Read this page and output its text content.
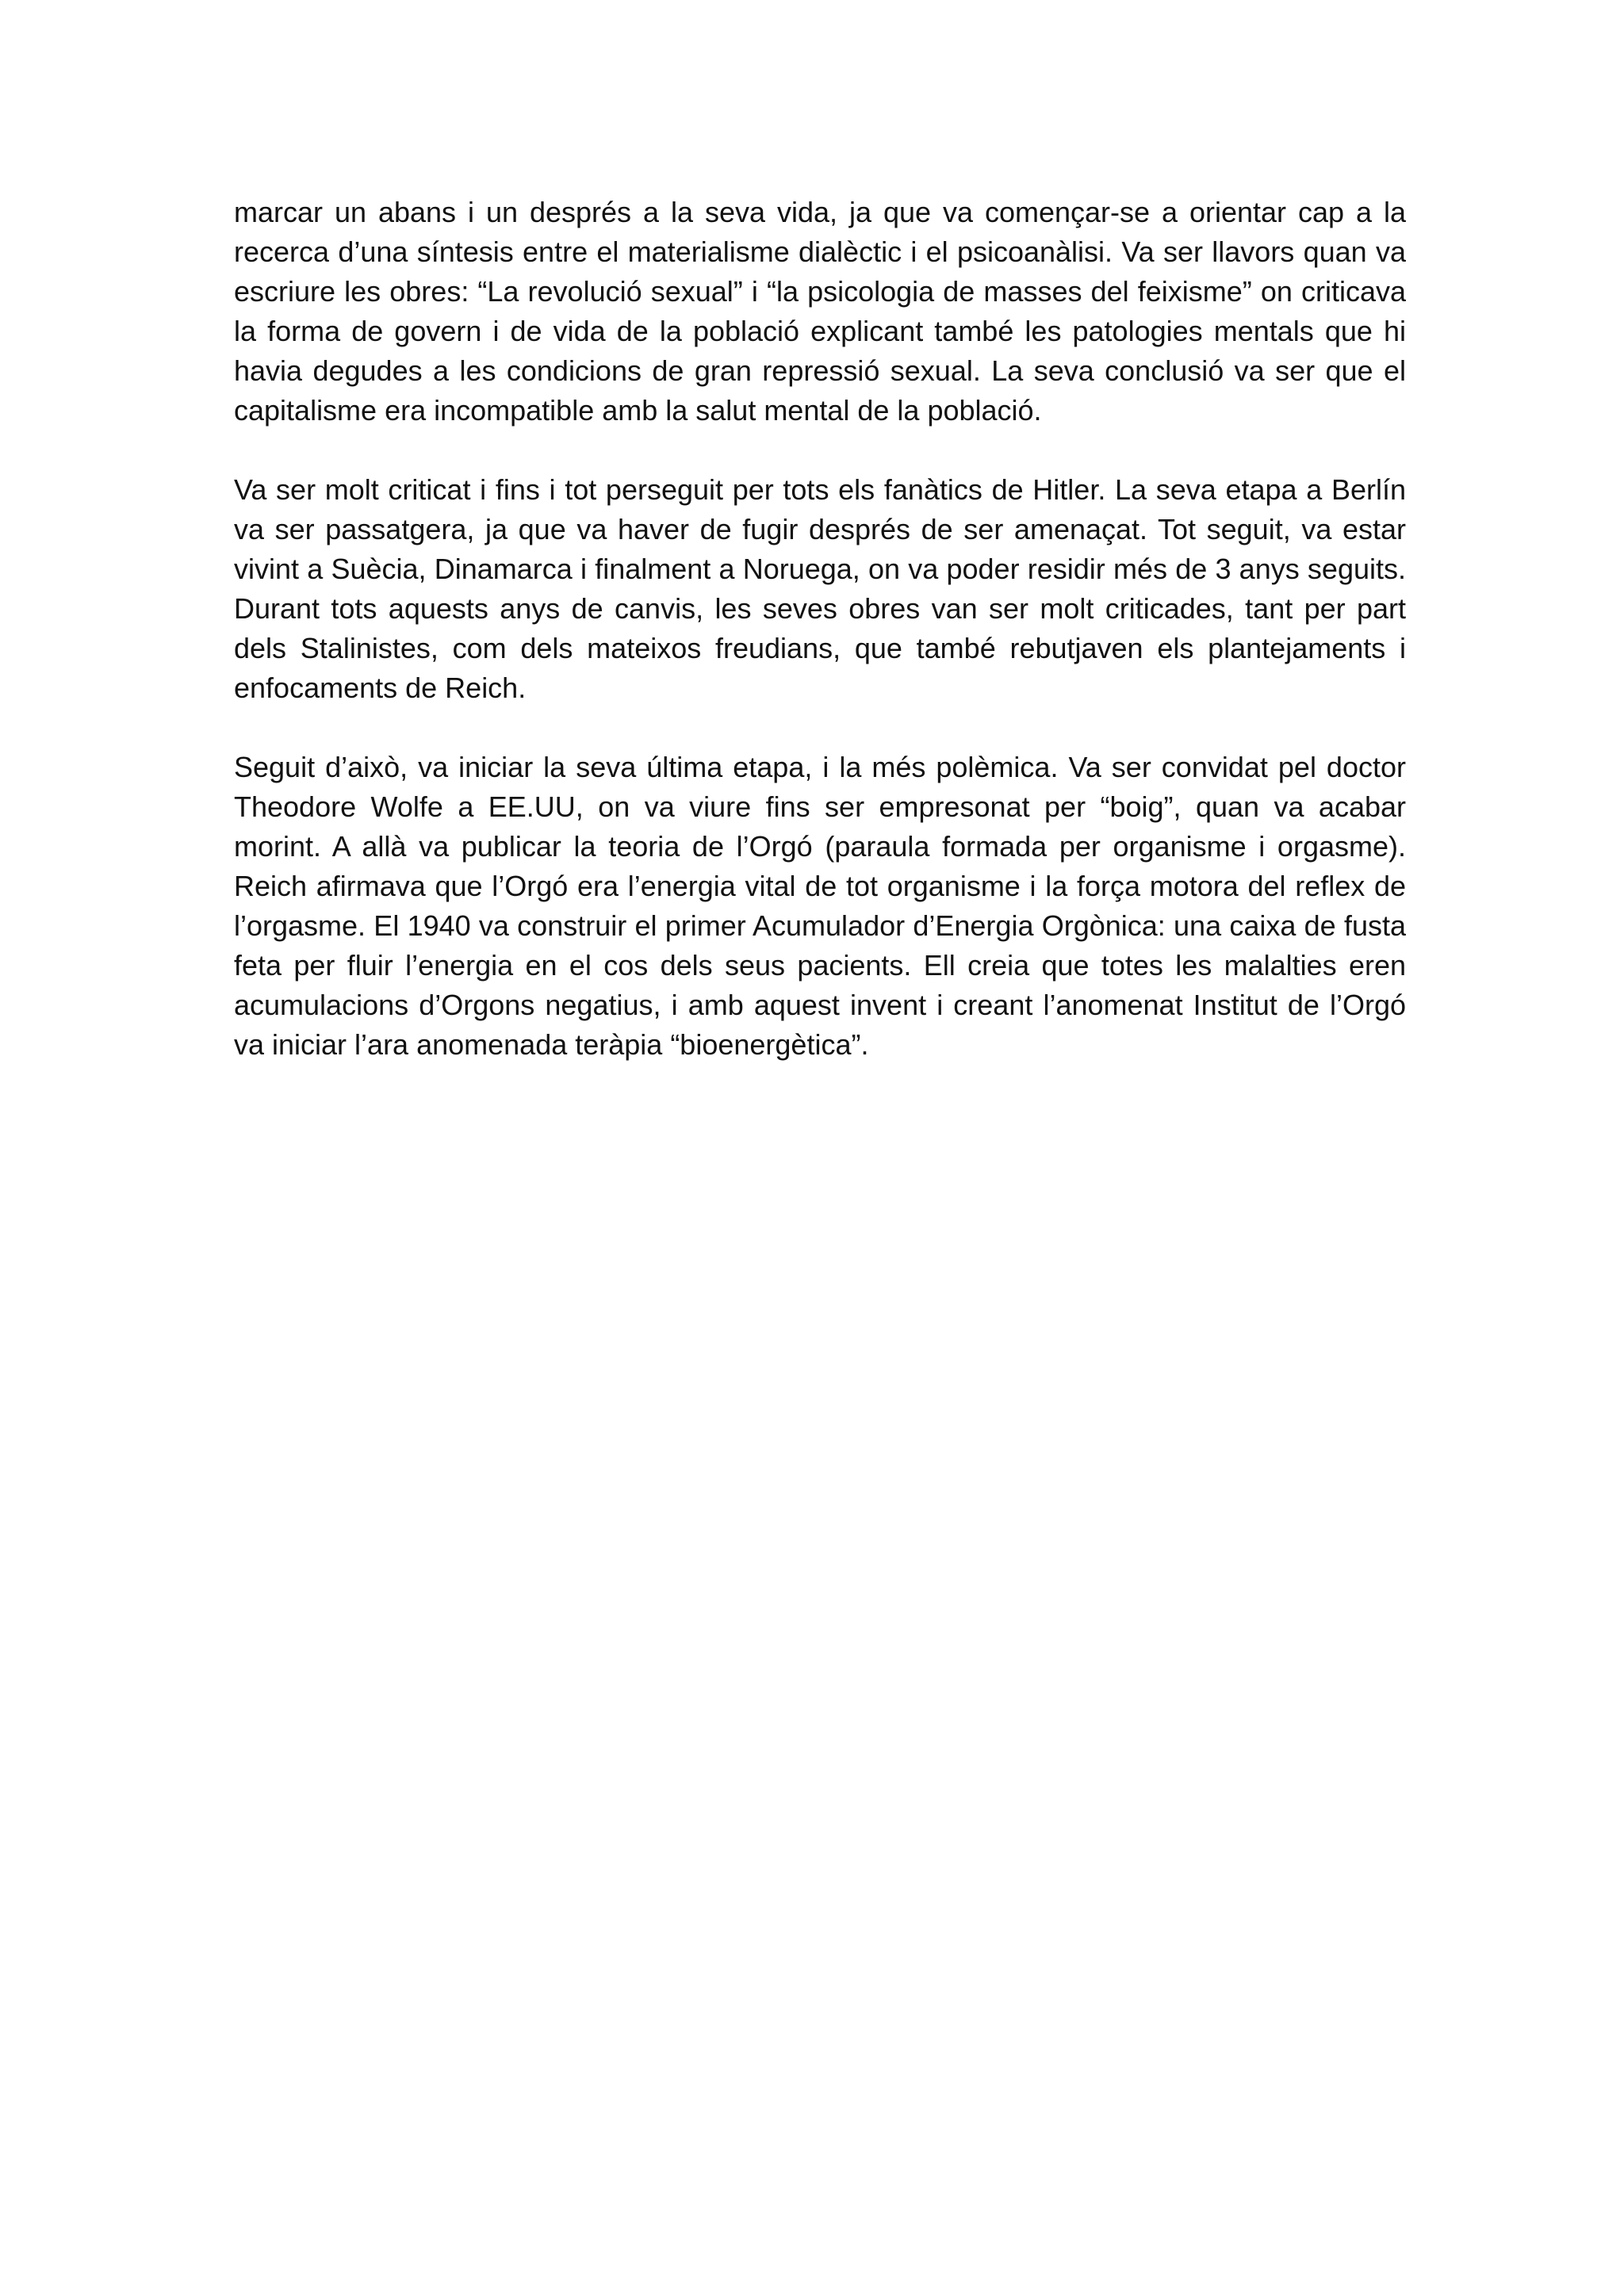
marcar un abans i un després a la seva vida, ja que va començar-se a orientar cap a la recerca d’una síntesis entre el materialisme dialèctic i el psicoanàlisi. Va ser llavors quan va escriure les obres: “La revolució sexual” i “la psicologia de masses del feixisme” on criticava la forma de govern i de vida de la població explicant també les patologies mentals que hi havia degudes a les condicions de gran repressió sexual. La seva conclusió va ser que el capitalisme era incompatible amb la salut mental de la població.

Va ser molt criticat i fins i tot perseguit per tots els fanàtics de Hitler. La seva etapa a Berlín va ser passatgera, ja que va haver de fugir després de ser amenaçat. Tot seguit, va estar vivint a Suècia, Dinamarca i finalment a Noruega, on va poder residir més de 3 anys seguits. Durant tots aquests anys de canvis, les seves obres van ser molt criticades, tant per part dels Stalinistes, com dels mateixos freudians, que també rebutjaven els plantejaments i enfocaments de Reich.

Seguit d’això, va iniciar la seva última etapa, i la més polèmica. Va ser convidat pel doctor Theodore Wolfe a EE.UU, on va viure fins ser empresonat per “boig”, quan va acabar morint. A allà va publicar la teoria de l’Orgó (paraula formada per organisme i orgasme). Reich afirmava que l’Orgó era l’energia vital de tot organisme i la força motora del reflex de l’orgasme. El 1940 va construir el primer Acumulador d’Energia Orgònica: una caixa de fusta feta per fluir l’energia en el cos dels seus pacients. Ell creia que totes les malalties eren acumulacions d’Orgons negatius, i amb aquest invent i creant l’anomenat Institut de l’Orgó va iniciar l’ara anomenada teràpia “bioenergètica”.
